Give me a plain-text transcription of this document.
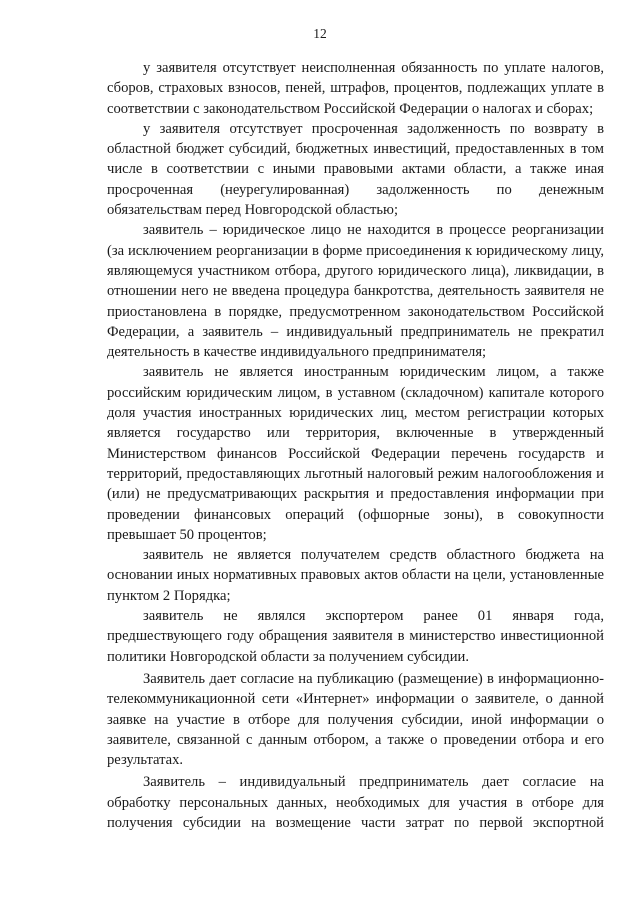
12

у заявителя отсутствует неисполненная обязанность по уплате налогов, сборов, страховых взносов, пеней, штрафов, процентов, подлежащих уплате в соответствии с законодательством Российской Федерации о налогах и сборах;

у заявителя отсутствует просроченная задолженность по возврату в областной бюджет субсидий, бюджетных инвестиций, предоставленных в том числе в соответствии с иными правовыми актами области, а также иная просроченная (неурегулированная) задолженность по денежным обязательствам перед Новгородской областью;

заявитель – юридическое лицо не находится в процессе реорганизации (за исключением реорганизации в форме присоединения к юридическому лицу, являющемуся участником отбора, другого юридического лица), ликвидации, в отношении него не введена процедура банкротства, деятельность заявителя не приостановлена в порядке, предусмотренном законодательством Российской Федерации, а заявитель – индивидуальный предприниматель не прекратил деятельность в качестве индивидуального предпринимателя;

заявитель не является иностранным юридическим лицом, а также российским юридическим лицом, в уставном (складочном) капитале которого доля участия иностранных юридических лиц, местом регистрации которых является государство или территория, включенные в утвержденный Министерством финансов Российской Федерации перечень государств и территорий, предоставляющих льготный налоговый режим налогообложения и (или) не предусматривающих раскрытия и предоставления информации при проведении финансовых операций (офшорные зоны), в совокупности превышает 50 процентов;

заявитель не является получателем средств областного бюджета на основании иных нормативных правовых актов области на цели, установленные пунктом 2 Порядка;

заявитель не являлся экспортером ранее 01 января года, предшествующего году обращения заявителя в министерство инвестиционной политики Новгородской области за получением субсидии.

Заявитель дает согласие на публикацию (размещение) в информационно-телекоммуникационной сети «Интернет» информации о заявителе, о данной заявке на участие в отборе для получения субсидии, иной информации о заявителе, связанной с данным отбором, а также о проведении отбора и его результатах.

Заявитель – индивидуальный предприниматель дает согласие на обработку персональных данных, необходимых для участия в отборе для получения субсидии на возмещение части затрат по первой экспортной
